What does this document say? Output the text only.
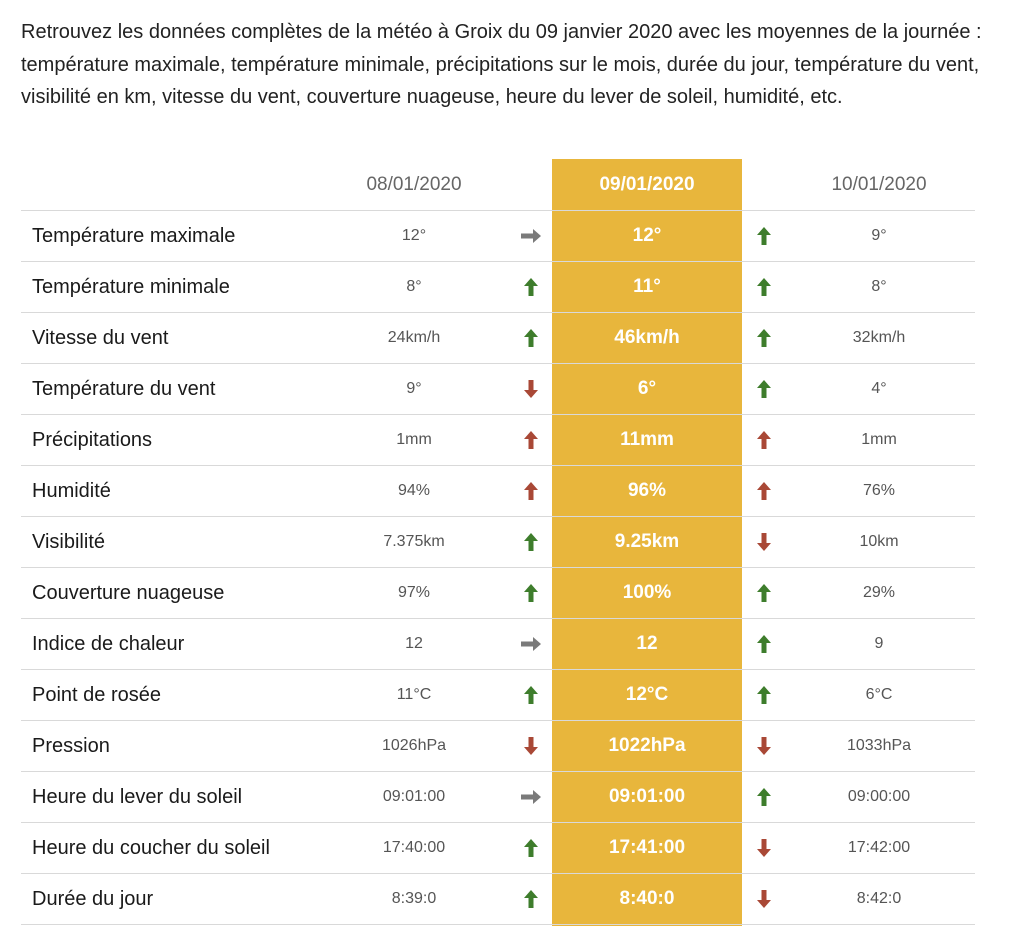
Retrouvez les données complètes de la météo à Groix du 09 janvier 2020 avec les moyennes de la journée : température maximale, température minimale, précipitations sur le mois, durée du jour, température du vent, visibilité en km, vitesse du vent, couverture nuageuse, heure du lever de soleil, humidité, etc.

08/01/2020	09/01/2020	10/01/2020
Température maximale	12°	12°	9°
Température minimale	8°	11°	8°
Vitesse du vent	24km/h	46km/h	32km/h
Température du vent	9°	6°	4°
Précipitations	1mm	11mm	1mm
Humidité	94%	96%	76%
Visibilité	7.375km	9.25km	10km
Couverture nuageuse	97%	100%	29%
Indice de chaleur	12	12	9
Point de rosée	11°C	12°C	6°C
Pression	1026hPa	1022hPa	1033hPa
Heure du lever du soleil	09:01:00	09:01:00	09:00:00
Heure du coucher du soleil	17:40:00	17:41:00	17:42:00
Durée du jour	8:39:0	8:40:0	8:42:0
